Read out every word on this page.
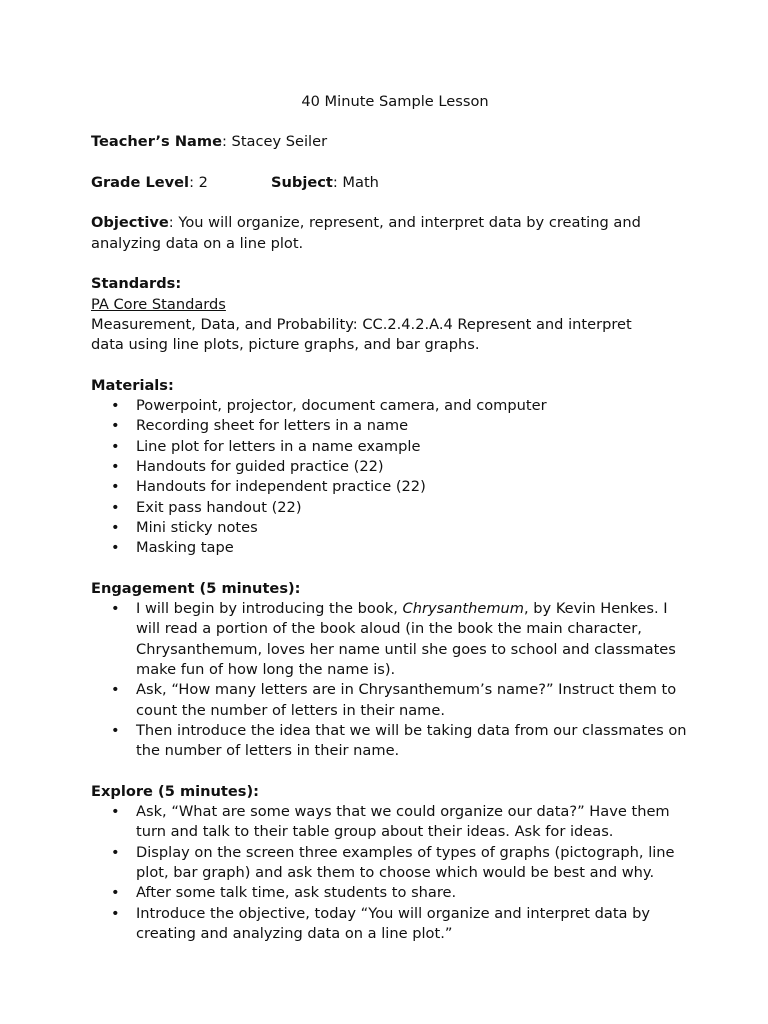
40 Minute Sample Lesson

Teacher’s Name: Stacey Seiler

Grade Level: 2	Subject: Math

Objective: You will organize, represent, and interpret data by creating and analyzing data on a line plot.

Standards:

PA Core Standards

Measurement, Data, and Probability: CC.2.4.2.A.4 Represent and interpret data using line plots, picture graphs, and bar graphs.

Materials:

• Powerpoint, projector, document camera, and computer
• Recording sheet for letters in a name
• Line plot for letters in a name example
• Handouts for guided practice (22)
• Handouts for independent practice (22)
• Exit pass handout (22)
• Mini sticky notes
• Masking tape

Engagement (5 minutes):

• I will begin by introducing the book, Chrysanthemum, by Kevin Henkes. I will read a portion of the book aloud (in the book the main character, Chrysanthemum, loves her name until she goes to school and classmates make fun of how long the name is).
• Ask, “How many letters are in Chrysanthemum’s name?” Instruct them to count the number of letters in their name.
• Then introduce the idea that we will be taking data from our classmates on the number of letters in their name.

Explore (5 minutes):

• Ask, “What are some ways that we could organize our data?” Have them turn and talk to their table group about their ideas. Ask for ideas.
• Display on the screen three examples of types of graphs (pictograph, line plot, bar graph) and ask them to choose which would be best and why.
• After some talk time, ask students to share.
• Introduce the objective, today “You will organize and interpret data by creating and analyzing data on a line plot.”
